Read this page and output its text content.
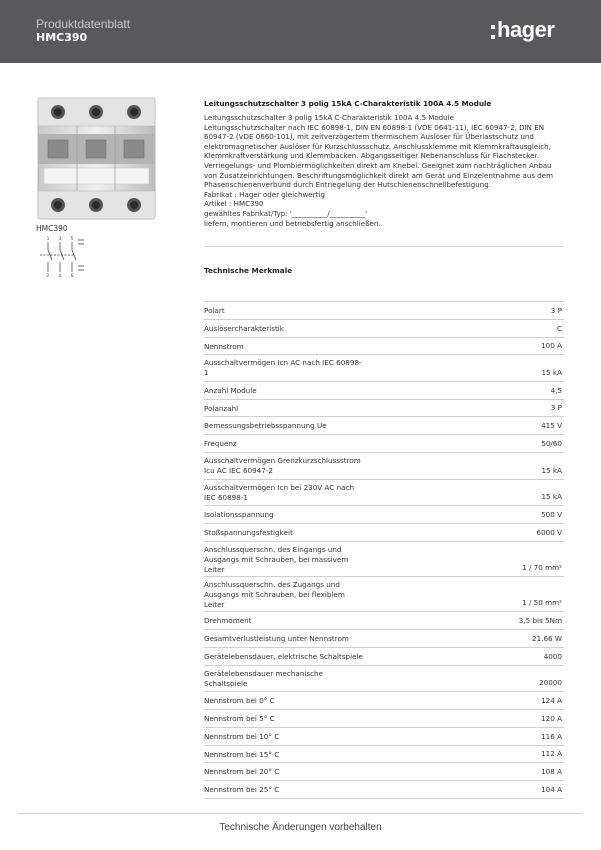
Produktdatenblatt
HMC390	hager
HMC390
1 3 5
2 4 6
Leitungsschutzschalter 3 polig 15kA C-Charakteristik 100A 4.5 Module
Leitungsschutzschalter 3 polig 15kA C-Charakteristik 100A 4.5 Module
Leitungsschutzschalter nach IEC 60898-1, DIN EN 60898-1 (VDE 0641-11), IEC 60947-2, DIN EN
60947-2 (VDE 0660-101), mit zeitverzögertem thermischem Auslöser für Überlastschutz und
elektromagnetischer Auslöser für Kurzschlussschutz. Anschlussklemme mit Klemmkraftausgleich,
Klemmkraftverstärkung und Klemmbacken. Abgangsseitiger Nebenanschluss für Flachstecker.
Verriegelungs- und Plombiermöglichkeiten direkt am Knebel. Geeignet zum nachträglichen Anbau
von Zusatzeinrichtungen. Beschriftungsmöglichkeit direkt am Gerät und Einzelentnahme aus dem
Phasenschienenverbund durch Entriegelung der Hutschienenschnellbefestigung.
Fabrikat : Hager oder gleichwertig
Artikel : HMC390
gewähltes Fabrikat/Typ: '__________/__________'
liefern, montieren und betriebsfertig anschließen.
Technische Merkmale
Polart	3 P
Auslösercharakteristik	C
Nennstrom	100 A
Ausschaltvermögen Icn AC nach IEC 60898-
1	15 kA
Anzahl Module	4,5
Polanzahl	3 P
Bemessungsbetriebsspannung Ue	415 V
Frequenz	50/60
Ausschaltvermögen Grenzkurzschlussstrom
Icu AC IEC 60947-2	15 kA
Ausschaltvermögen Icn bei 230V AC nach
IEC 60898-1	15 kA
Isolationsspannung	500 V
Stoßspannungsfestigkeit	6000 V
Anschlussquerschn. des Eingangs und
Ausgangs mit Schrauben, bei massivem
Leiter	1 / 70 mm²
Anschlussquerschn. des Zugangs und
Ausgangs mit Schrauben, bei flexiblem
Leiter	1 / 50 mm²
Drehmoment	3,5 bis 5Nm
Gesamtverlustleistung unter Nennstrom	21.66 W
Gerätelebensdauer, elektrische Schaltspiele	4000
Gerätelebensdauer mechanische
Schaltspiele	20000
Nennstrom bei 0° C	124 A
Nennstrom bei 5° C	120 A
Nennstrom bei 10° C	116 A
Nennstrom bei 15° C	112 A
Nennstrom bei 20° C	108 A
Nennstrom bei 25° C	104 A
Technische Änderungen vorbehalten
